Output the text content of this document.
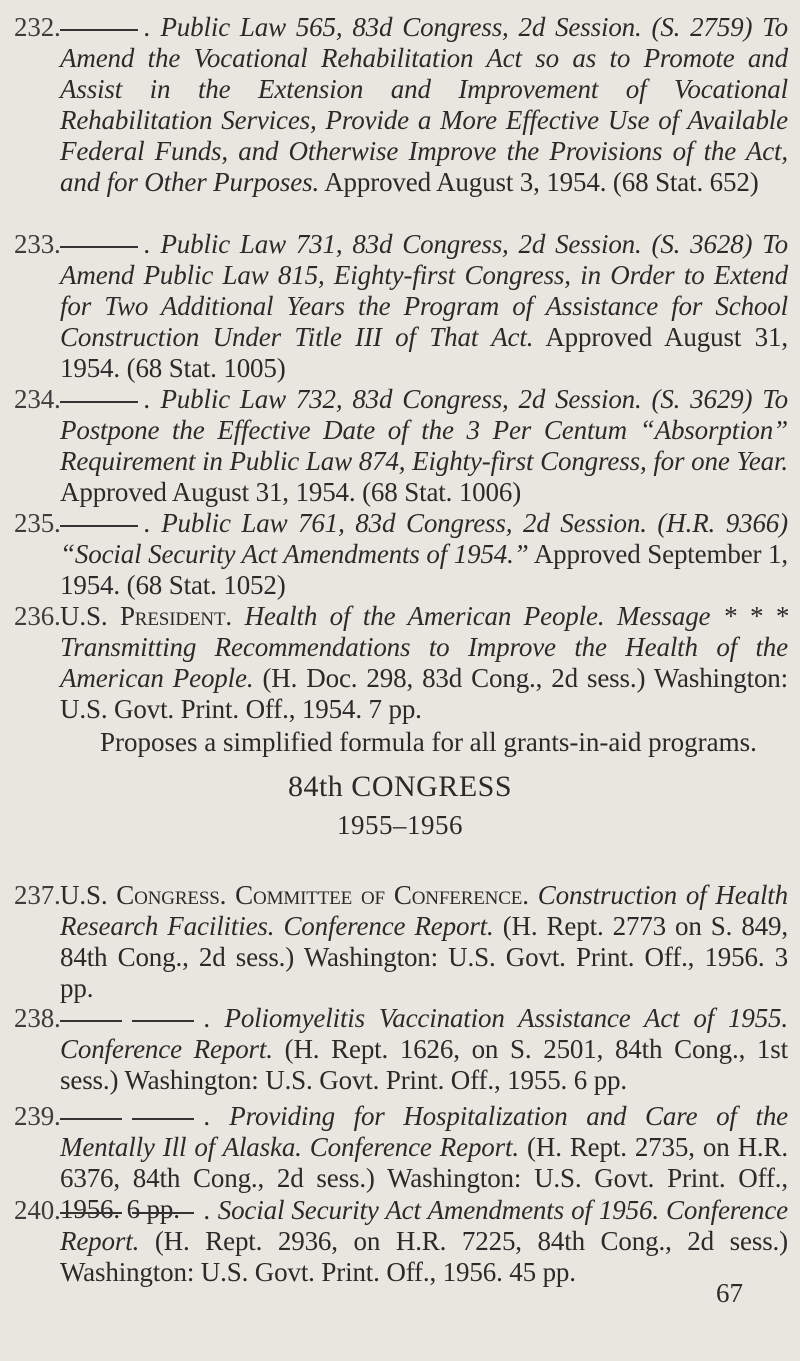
232.	. Public Law 565, 83d Congress, 2d Session. (S. 2759) To Amend the Vocational Rehabilitation Act so as to Promote and Assist in the Extension and Improvement of Vocational Rehabilitation Services, Provide a More Effective Use of Available Federal Funds, and Otherwise Improve the Provisions of the Act, and for Other Purposes. Approved August 3, 1954. (68 Stat. 652)
233.	. Public Law 731, 83d Congress, 2d Session. (S. 3628) To Amend Public Law 815, Eighty-first Congress, in Order to Extend for Two Additional Years the Program of Assistance for School Construction Under Title III of That Act. Approved August 31, 1954. (68 Stat. 1005)
234.	. Public Law 732, 83d Congress, 2d Session. (S. 3629) To Postpone the Effective Date of the 3 Per Centum “Absorption” Requirement in Public Law 874, Eighty-first Congress, for one Year. Approved August 31, 1954. (68 Stat. 1006)
235.	. Public Law 761, 83d Congress, 2d Session. (H.R. 9366) “Social Security Act Amendments of 1954.” Approved September 1, 1954. (68 Stat. 1052)
236. U.S. President. Health of the American People. Message * * * Transmitting Recommendations to Improve the Health of the American People. (H. Doc. 298, 83d Cong., 2d sess.) Washington: U.S. Govt. Print. Off., 1954. 7 pp.
Proposes a simplified formula for all grants-in-aid programs.
84th CONGRESS
1955–1956
237. U.S. Congress. Committee of Conference. Construction of Health Research Facilities. Conference Report. (H. Rept. 2773 on S. 849, 84th Cong., 2d sess.) Washington: U.S. Govt. Print. Off., 1956. 3 pp.
238.	. Poliomyelitis Vaccination Assistance Act of 1955. Conference Report. (H. Rept. 1626, on S. 2501, 84th Cong., 1st sess.) Washington: U.S. Govt. Print. Off., 1955. 6 pp.
239.	. Providing for Hospitalization and Care of the Mentally Ill of Alaska. Conference Report. (H. Rept. 2735, on H.R. 6376, 84th Cong., 2d sess.) Washington: U.S. Govt. Print. Off., 1956. 6 pp.
240.	. Social Security Act Amendments of 1956. Conference Report. (H. Rept. 2936, on H.R. 7225, 84th Cong., 2d sess.) Washington: U.S. Govt. Print. Off., 1956. 45 pp.
67
